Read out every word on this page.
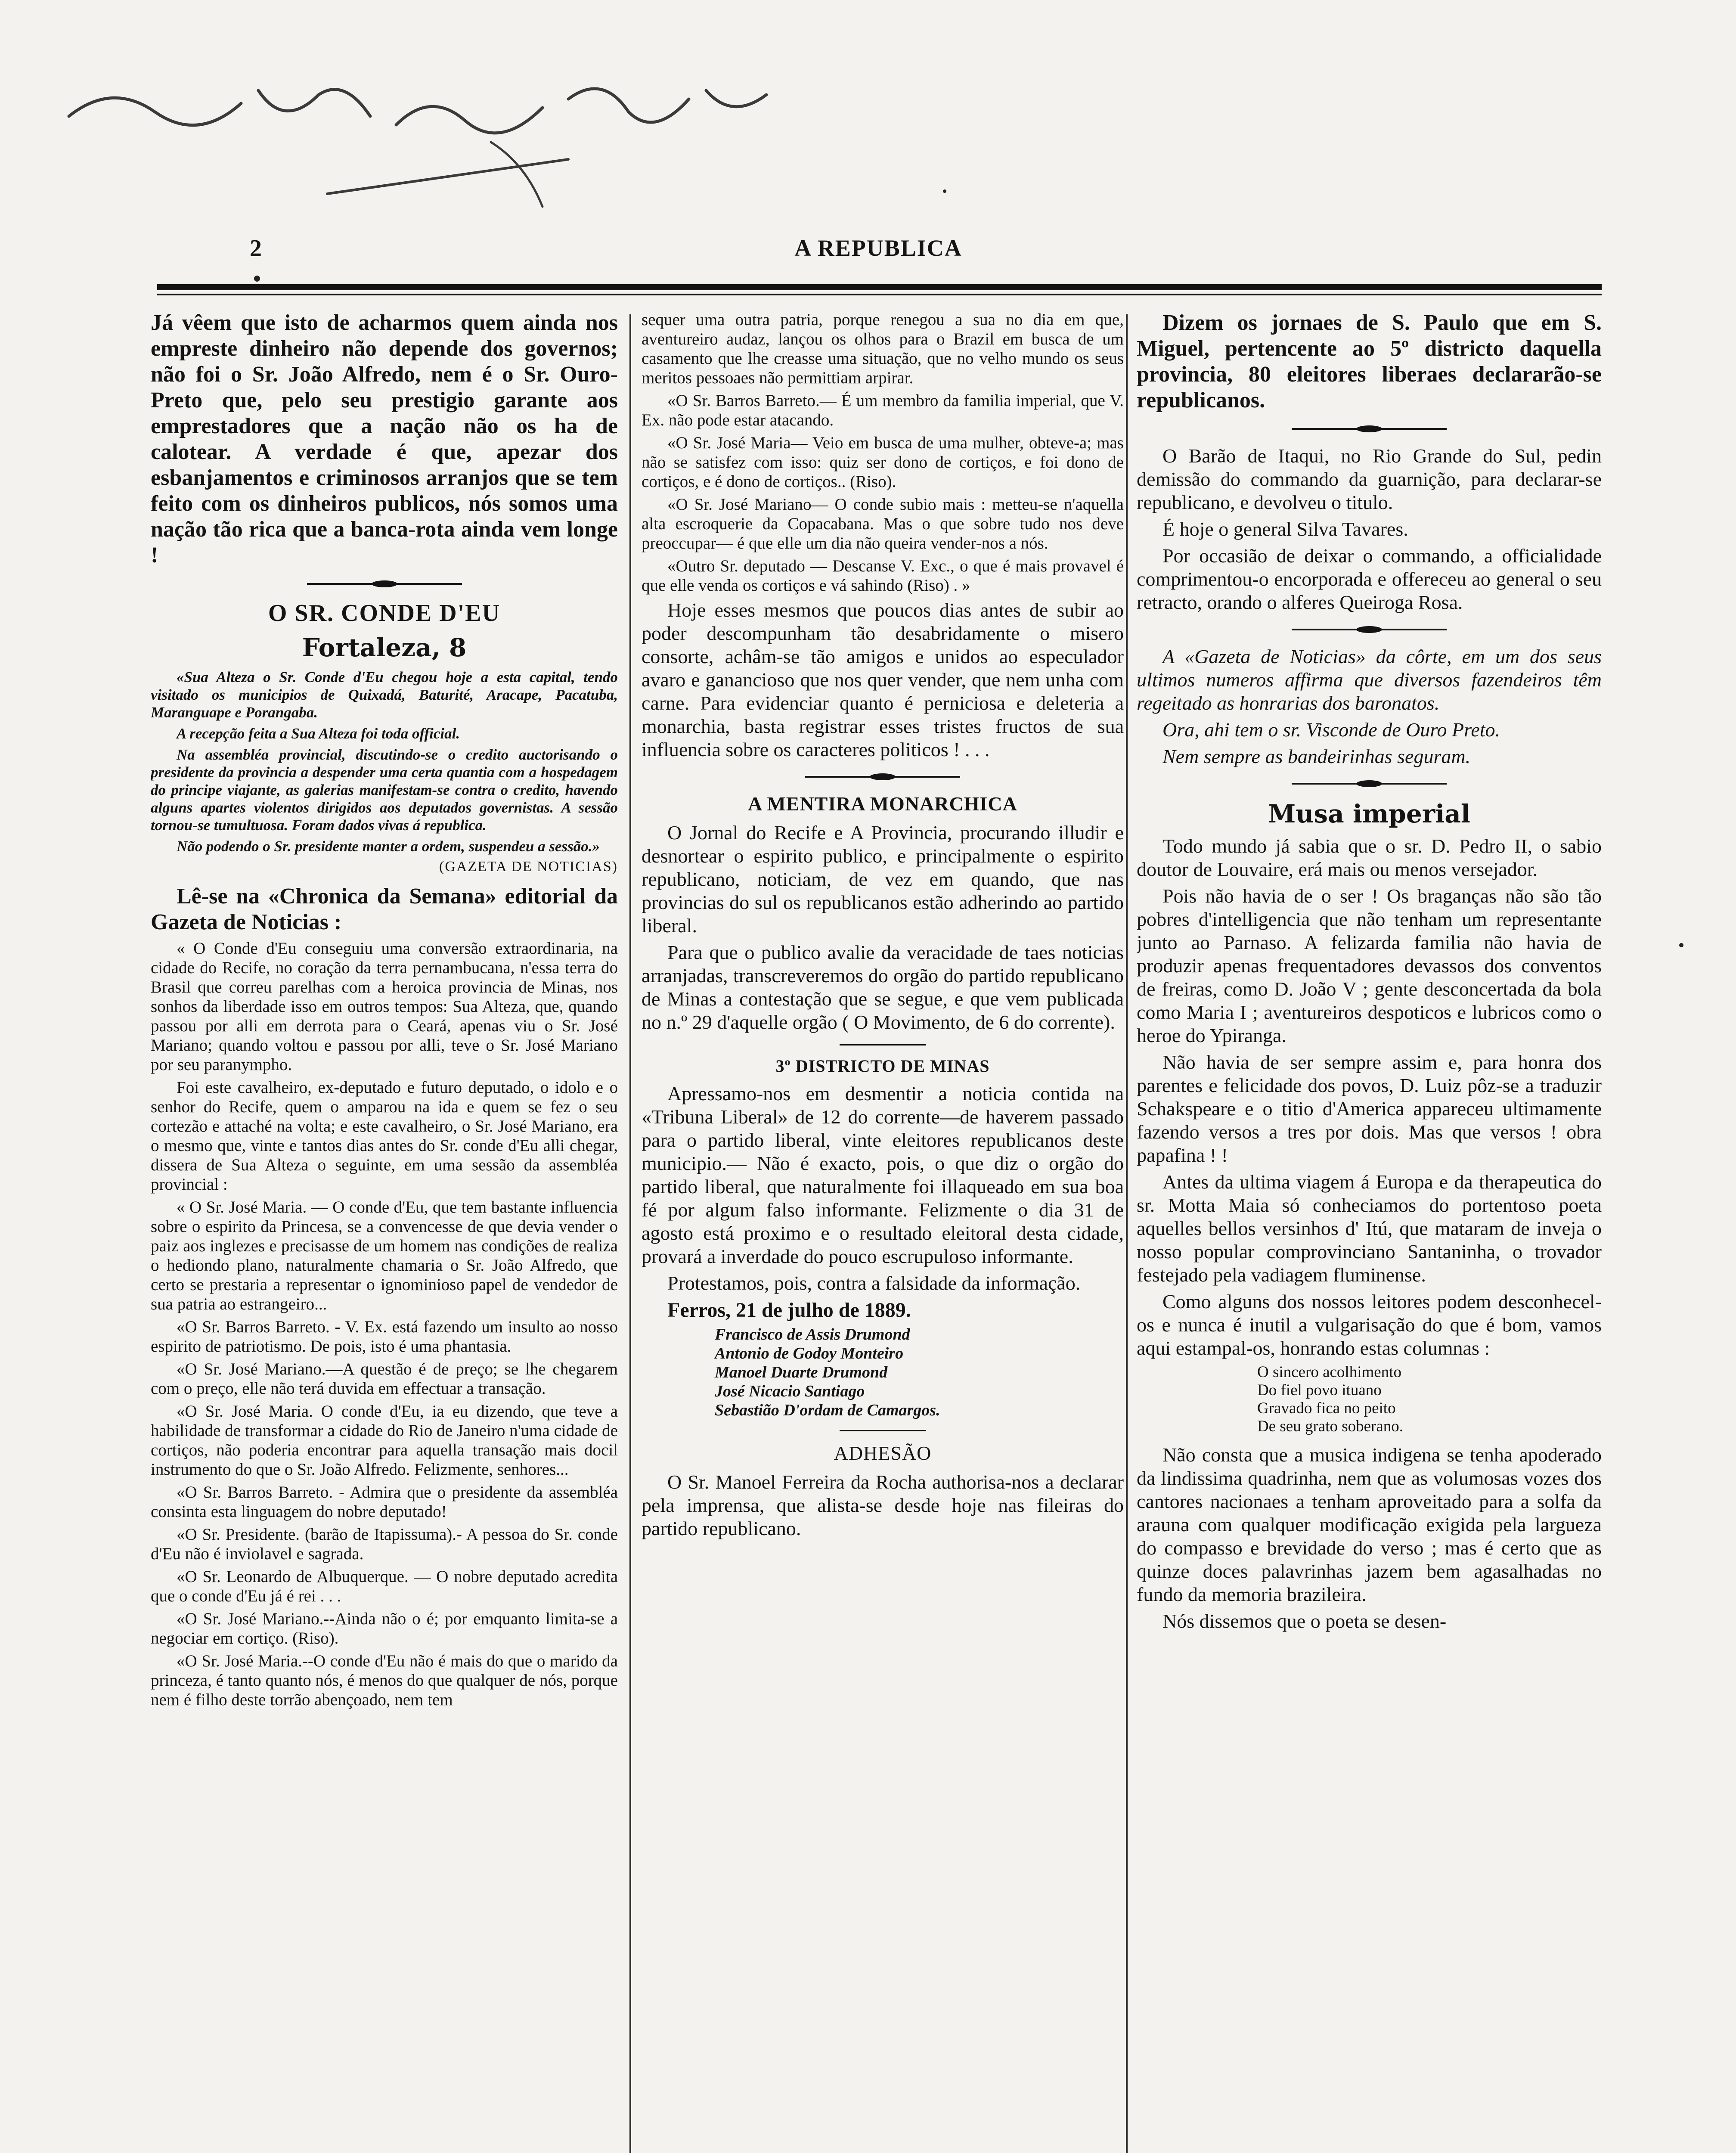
2	A REPUBLICA

Já vêem que isto de acharmos quem ainda nos empreste dinheiro não depende dos governos; não foi o Sr. João Alfredo, nem é o Sr. Ouro-Preto que, pelo seu prestigio garante aos emprestadores que a nação não os ha de calotear. A verdade é que, apezar dos esbanjamentos e criminosos arranjos que se tem feito com os dinheiros publicos, nós somos uma nação tão rica que a banca-rota ainda vem longe !

O SR. CONDE D'EU
Fortaleza, 8

«Sua Alteza o Sr. Conde d'Eu chegou hoje a esta capital, tendo visitado os municipios de Quixadá, Baturité, Aracape, Pacatuba, Maranguape e Porangaba.

A recepção feita a Sua Alteza foi toda official.

Na assembléa provincial, discutindo-se o credito auctorisando o presidente da provincia a despender uma certa quantia com a hospedagem do principe viajante, as galerias manifestam-se contra o credito, havendo alguns apartes violentos dirigidos aos deputados governistas. A sessão tornou-se tumultuosa. Foram dados vivas á republica.

Não podendo o Sr. presidente manter a ordem, suspendeu a sessão.»

(GAZETA DE NOTICIAS)

Lê-se na «Chronica da Semana» editorial da Gazeta de Noticias :

« O Conde d'Eu conseguiu uma conversão extraordinaria, na cidade do Recife, no coração da terra pernambucana, n'essa terra do Brasil que correu parelhas com a heroica provincia de Minas, nos sonhos da liberdade isso em outros tempos: Sua Alteza, que, quando passou por alli em derrota para o Ceará, apenas viu o Sr. José Mariano; quando voltou e passou por alli, teve o Sr. José Mariano por seu paranympho.

Foi este cavalheiro, ex-deputado e futuro deputado, o idolo e o senhor do Recife, quem o amparou na ida e quem se fez o seu cortezão e attaché na volta; e este cavalheiro, o Sr. José Mariano, era o mesmo que, vinte e tantos dias antes do Sr. conde d'Eu alli chegar, dissera de Sua Alteza o seguinte, em uma sessão da assembléa provincial :

« O Sr. José Maria. — O conde d'Eu, que tem bastante influencia sobre o espirito da Princesa, se a convencesse de que devia vender o paiz aos inglezes e precisasse de um homem nas condições de realiza o hediondo plano, naturalmente chamaria o Sr. João Alfredo, que certo se prestaria a representar o ignominioso papel de vendedor de sua patria ao estrangeiro...

«O Sr. Barros Barreto. - V. Ex. está fazendo um insulto ao nosso espirito de patriotismo. De pois, isto é uma phantasia.

«O Sr. José Mariano.—A questão é de preço; se lhe chegarem com o preço, elle não terá duvida em effectuar a transação.

«O Sr. José Maria. O conde d'Eu, ia eu dizendo, que teve a habilidade de transformar a cidade do Rio de Janeiro n'uma cidade de cortiços, não poderia encontrar para aquella transação mais docil instrumento do que o Sr. João Alfredo. Felizmente, senhores...

«O Sr. Barros Barreto. - Admira que o presidente da assembléa consinta esta linguagem do nobre deputado!

«O Sr. Presidente. (barão de Itapissuma).- A pessoa do Sr. conde d'Eu não é inviolavel e sagrada.

«O Sr. Leonardo de Albuquerque. — O nobre deputado acredita que o conde d'Eu já é rei . . .

«O Sr. José Mariano.--Ainda não o é; por emquanto limita-se a negociar em cortiço. (Riso).

«O Sr. José Maria.--O conde d'Eu não é mais do que o marido da princeza, é tanto quanto nós, é menos do que qualquer de nós, porque nem é filho deste torrão abençoado, nem tem

sequer uma outra patria, porque renegou a sua no dia em que, aventureiro audaz, lançou os olhos para o Brazil em busca de um casamento que lhe creasse uma situação, que no velho mundo os seus meritos pessoaes não permittiam arpirar.

«O Sr. Barros Barreto.— É um membro da familia imperial, que V. Ex. não pode estar atacando.

«O Sr. José Maria— Veio em busca de uma mulher, obteve-a; mas não se satisfez com isso: quiz ser dono de cortiços, e foi dono de cortiços, e é dono de cortiços.. (Riso).

«O Sr. José Mariano— O conde subio mais : metteu-se n'aquella alta escroquerie da Copacabana. Mas o que sobre tudo nos deve preoccupar— é que elle um dia não queira vender-nos a nós.

«Outro Sr. deputado — Descanse V. Exc., o que é mais provavel é que elle venda os cortiços e vá sahindo (Riso) . »

Hoje esses mesmos que poucos dias antes de subir ao poder descompunham tão desabridamente o misero consorte, achâm-se tão amigos e unidos ao especulador avaro e ganancioso que nos quer vender, que nem unha com carne. Para evidenciar quanto é perniciosa e deleteria a monarchia, basta registrar esses tristes fructos de sua influencia sobre os caracteres politicos ! . . .

A MENTIRA MONARCHICA

O Jornal do Recife e A Provincia, procurando illudir e desnortear o espirito publico, e principalmente o espirito republicano, noticiam, de vez em quando, que nas provincias do sul os republicanos estão adherindo ao partido liberal.

Para que o publico avalie da veracidade de taes noticias arranjadas, transcreveremos do orgão do partido republicano de Minas a contestação que se segue, e que vem publicada no n.º 29 d'aquelle orgão ( O Movimento, de 6 do corrente).

3º DISTRICTO DE MINAS

Apressamo-nos em desmentir a noticia contida na «Tribuna Liberal» de 12 do corrente—de haverem passado para o partido liberal, vinte eleitores republicanos deste municipio.— Não é exacto, pois, o que diz o orgão do partido liberal, que naturalmente foi illaqueado em sua boa fé por algum falso informante. Felizmente o dia 31 de agosto está proximo e o resultado eleitoral desta cidade, provará a inverdade do pouco escrupuloso informante.

Protestamos, pois, contra a falsidade da informação.

Ferros, 21 de julho de 1889.

Francisco de Assis Drumond

Antonio de Godoy Monteiro

Manoel Duarte Drumond

José Nicacio Santiago

Sebastião D'ordam de Camargos.

ADHESÃO

O Sr. Manoel Ferreira da Rocha authorisa-nos a declarar pela imprensa, que alista-se desde hoje nas fileiras do partido republicano.

Dizem os jornaes de S. Paulo que em S. Miguel, pertencente ao 5º districto daquella provincia, 80 eleitores liberaes declararão-se republicanos.

O Barão de Itaqui, no Rio Grande do Sul, pedin demissão do commando da guarnição, para declarar-se republicano, e devolveu o titulo.

É hoje o general Silva Tavares.

Por occasião de deixar o commando, a officialidade comprimentou-o encorporada e offereceu ao general o seu retracto, orando o alferes Queiroga Rosa.

A «Gazeta de Noticias» da côrte, em um dos seus ultimos numeros affirma que diversos fazendeiros têm regeitado as honrarias dos baronatos.

Ora, ahi tem o sr. Visconde de Ouro Preto.

Nem sempre as bandeirinhas seguram.

Musa imperial

Todo mundo já sabia que o sr. D. Pedro II, o sabio doutor de Louvaire, erá mais ou menos versejador.

Pois não havia de o ser ! Os braganças não são tão pobres d'intelligencia que não tenham um representante junto ao Parnaso. A felizarda familia não havia de produzir apenas frequentadores devassos dos conventos de freiras, como D. João V ; gente desconcertada da bola como Maria I ; aventureiros despoticos e lubricos como o heroe do Ypiranga.

Não havia de ser sempre assim e, para honra dos parentes e felicidade dos povos, D. Luiz pôz-se a traduzir Schakspeare e o titio d'America appareceu ultimamente fazendo versos a tres por dois. Mas que versos ! obra papafina ! !

Antes da ultima viagem á Europa e da therapeutica do sr. Motta Maia só conheciamos do portentoso poeta aquelles bellos versinhos d' Itú, que mataram de inveja o nosso popular comprovinciano Santaninha, o trovador festejado pela vadiagem fluminense.

Como alguns dos nossos leitores podem desconhecel-os e nunca é inutil a vulgarisação do que é bom, vamos aqui estampal-os, honrando estas columnas :

O sincero acolhimento

Do fiel povo ituano

Gravado fica no peito

De seu grato soberano.

Não consta que a musica indigena se tenha apoderado da lindissima quadrinha, nem que as volumosas vozes dos cantores nacionaes a tenham aproveitado para a solfa da arauna com qualquer modificação exigida pela largueza do compasso e brevidade do verso ; mas é certo que as quinze doces palavrinhas jazem bem agasalhadas no fundo da memoria brazileira.

Nós dissemos que o poeta se desen-
